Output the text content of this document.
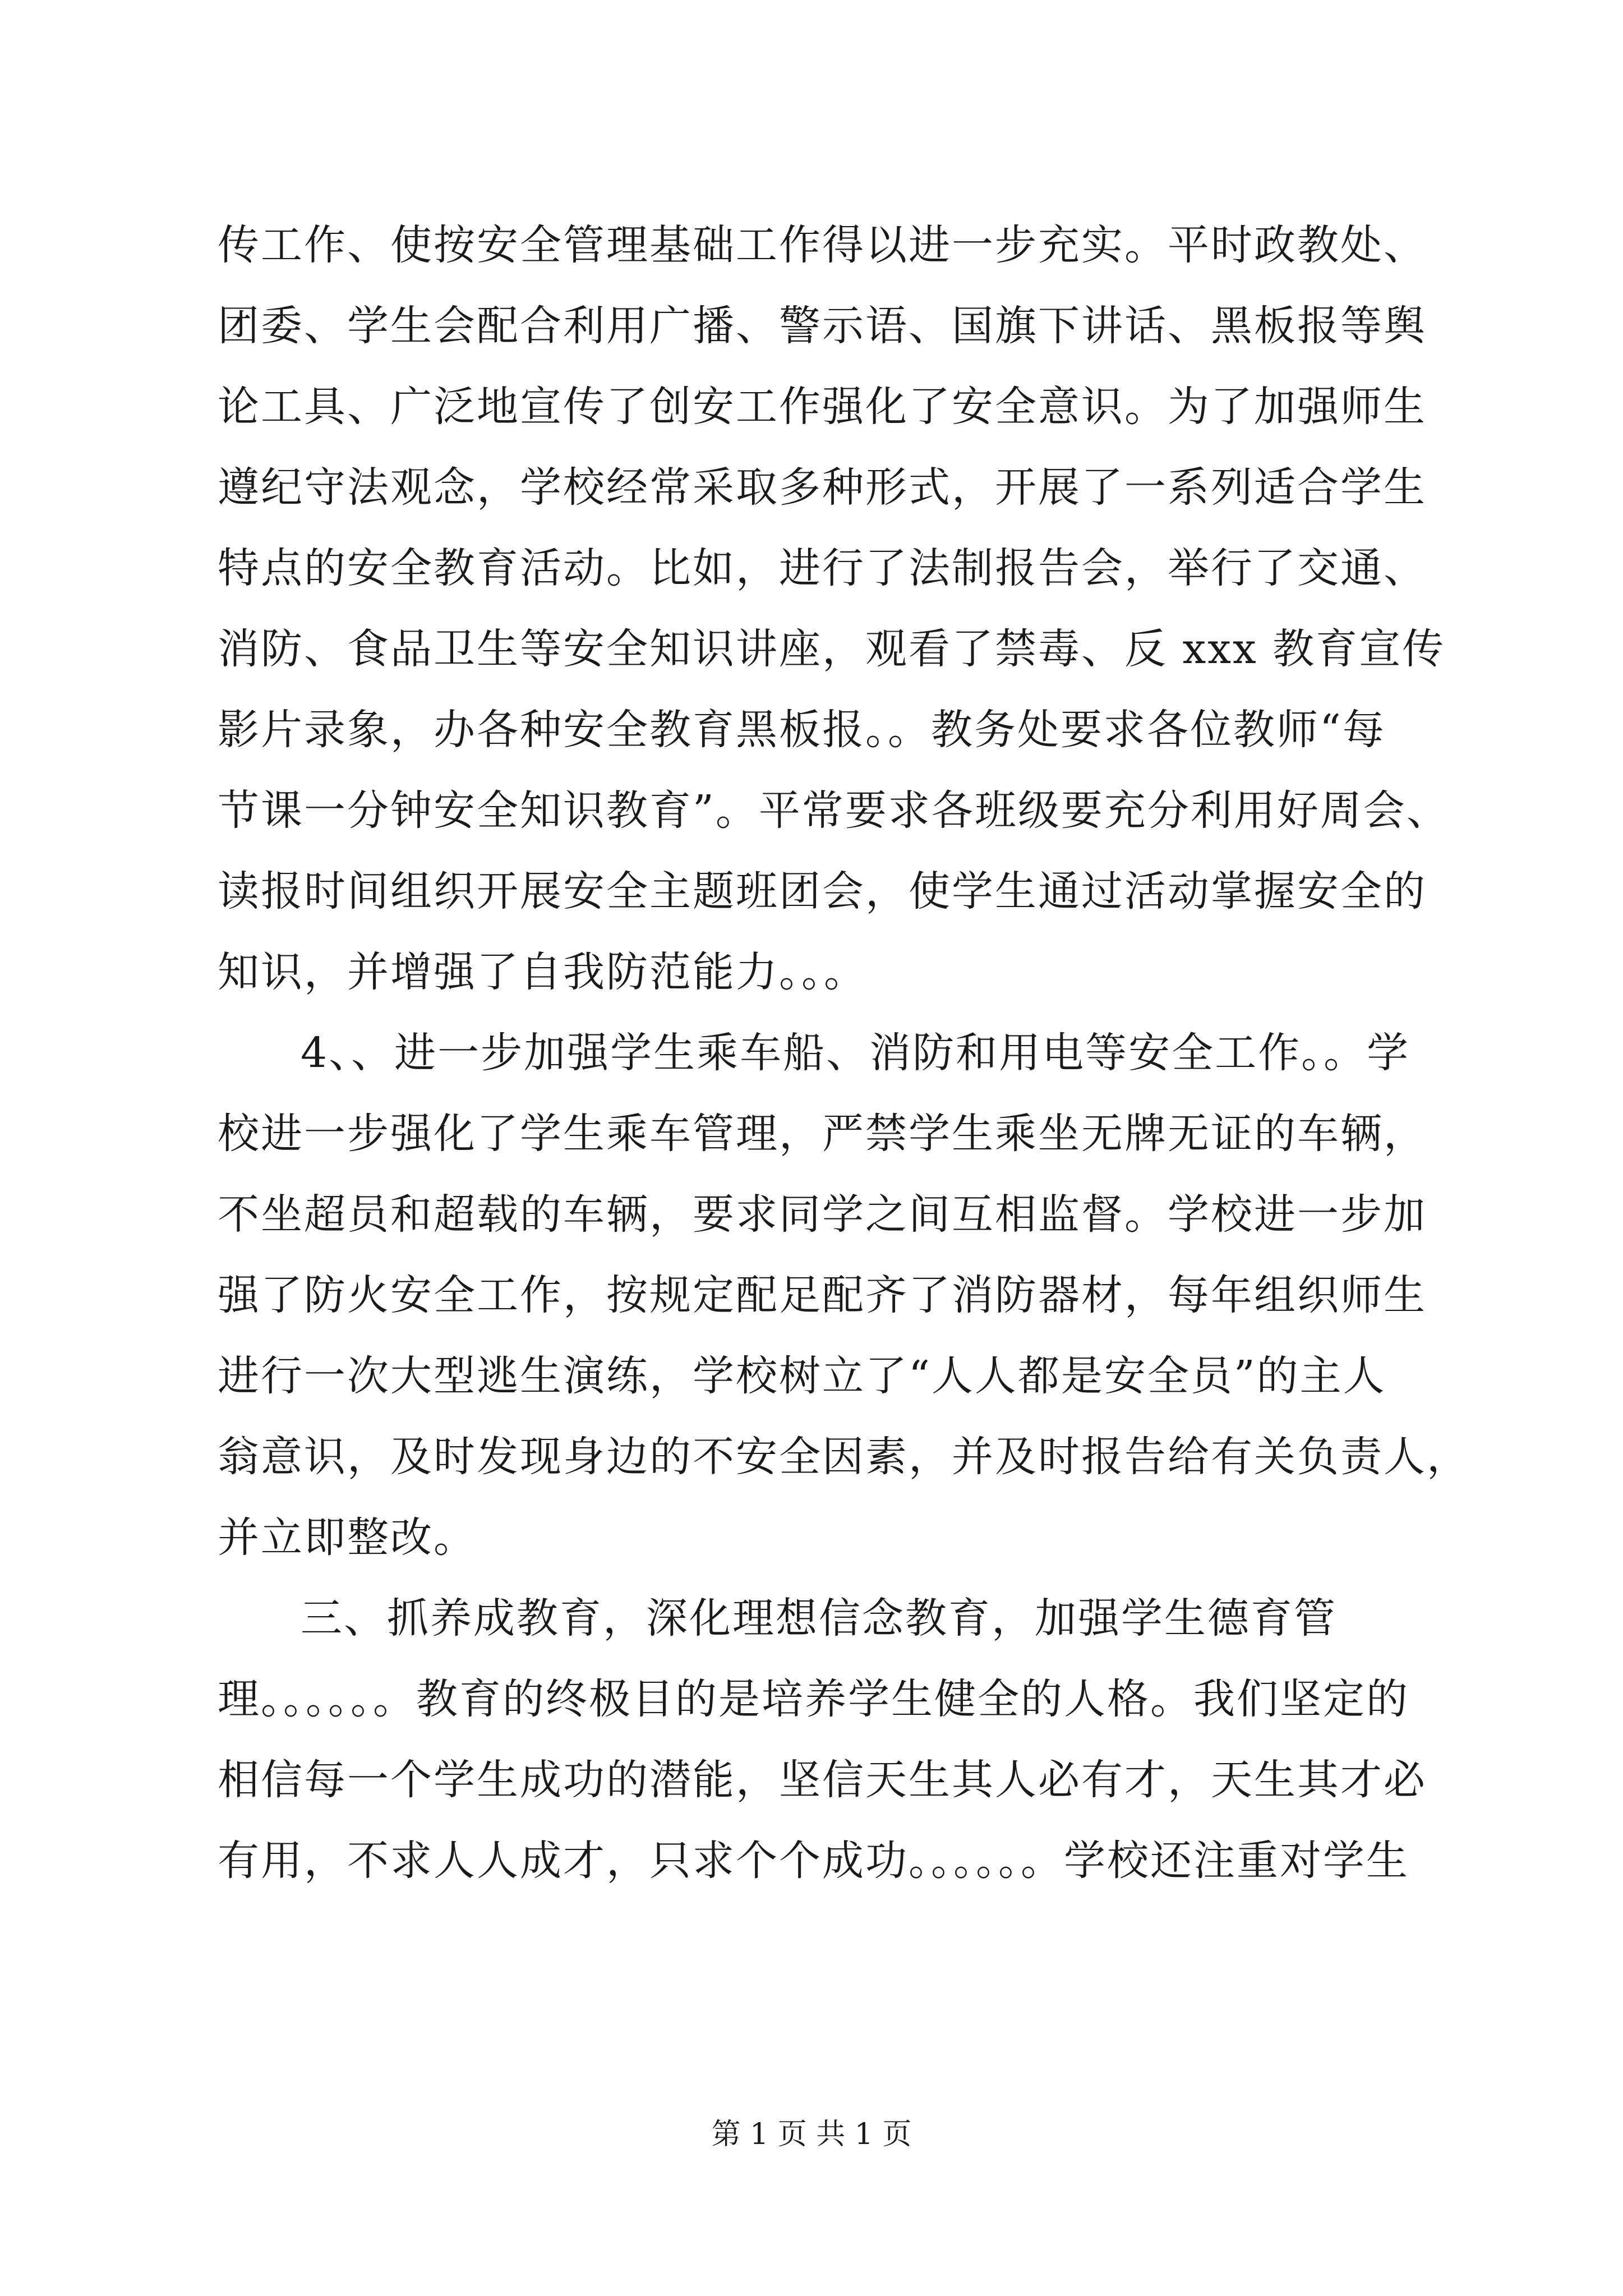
传工作、使按安全管理基础工作得以进一步充实。平时政教处、
团委、学生会配合利用广播、警示语、国旗下讲话、黑板报等舆
论工具、广泛地宣传了创安工作强化了安全意识。为了加强师生
遵纪守法观念，学校经常采取多种形式，开展了一系列适合学生
特点的安全教育活动。比如，进行了法制报告会，举行了交通、
消防、食品卫生等安全知识讲座，观看了禁毒、反 xxx 教育宣传
影片录象，办各种安全教育黑板报。。教务处要求各位教师“每
节课一分钟安全知识教育”。平常要求各班级要充分利用好周会、
读报时间组织开展安全主题班团会，使学生通过活动掌握安全的
知识，并增强了自我防范能力。。。
4、、进一步加强学生乘车船、消防和用电等安全工作。。学
校进一步强化了学生乘车管理，严禁学生乘坐无牌无证的车辆，
不坐超员和超载的车辆，要求同学之间互相监督。学校进一步加
强了防火安全工作，按规定配足配齐了消防器材，每年组织师生
进行一次大型逃生演练，学校树立了“人人都是安全员”的主人
翁意识，及时发现身边的不安全因素，并及时报告给有关负责人，
并立即整改。
三、抓养成教育，深化理想信念教育，加强学生德育管
理。。。。。。教育的终极目的是培养学生健全的人格。我们坚定的
相信每一个学生成功的潜能，坚信天生其人必有才，天生其才必
有用，不求人人成才，只求个个成功。。。。。。学校还注重对学生
第 1 页 共 1 页
